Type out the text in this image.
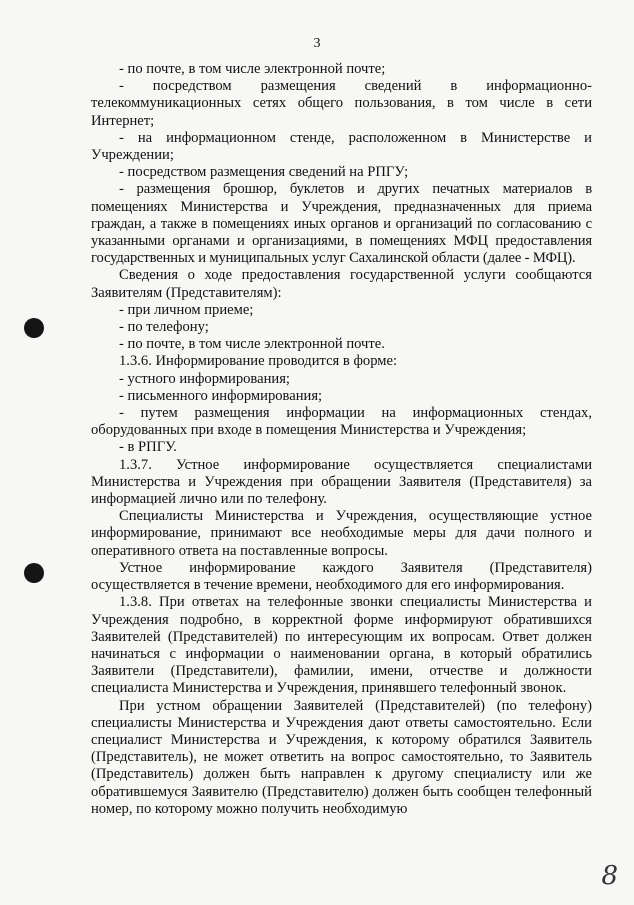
3

- по почте, в том числе электронной почте;

- посредством размещения сведений в информационно-телекоммуникационных сетях общего пользования, в том числе в сети Интернет;

- на информационном стенде, расположенном в Министерстве и Учреждении;

- посредством размещения сведений на РПГУ;

- размещения брошюр, буклетов и других печатных материалов в помещениях Министерства и Учреждения, предназначенных для приема граждан, а также в помещениях иных органов и организаций по согласованию с указанными органами и организациями, в помещениях МФЦ предоставления государственных и муниципальных услуг Сахалинской области (далее - МФЦ).

Сведения о ходе предоставления государственной услуги сообщаются Заявителям (Представителям):

- при личном приеме;

- по телефону;

- по почте, в том числе электронной почте.

1.3.6. Информирование проводится в форме:

- устного информирования;

- письменного информирования;

- путем размещения информации на информационных стендах, оборудованных при входе в помещения Министерства и Учреждения;

- в РПГУ.

1.3.7. Устное информирование осуществляется специалистами Министерства и Учреждения при обращении Заявителя (Представителя) за информацией лично или по телефону.

Специалисты Министерства и Учреждения, осуществляющие устное информирование, принимают все необходимые меры для дачи полного и оперативного ответа на поставленные вопросы.

Устное информирование каждого Заявителя (Представителя) осуществляется в течение времени, необходимого для его информирования.

1.3.8. При ответах на телефонные звонки специалисты Министерства и Учреждения подробно, в корректной форме информируют обратившихся Заявителей (Представителей) по интересующим их вопросам. Ответ должен начинаться с информации о наименовании органа, в который обратились Заявители (Представители), фамилии, имени, отчестве и должности специалиста Министерства и Учреждения, принявшего телефонный звонок.

При устном обращении Заявителей (Представителей) (по телефону) специалисты Министерства и Учреждения дают ответы самостоятельно. Если специалист Министерства и Учреждения, к которому обратился Заявитель (Представитель), не может ответить на вопрос самостоятельно, то Заявитель (Представитель) должен быть направлен к другому специалисту или же обратившемуся Заявителю (Представителю) должен быть сообщен телефонный номер, по которому можно получить необходимую

8
